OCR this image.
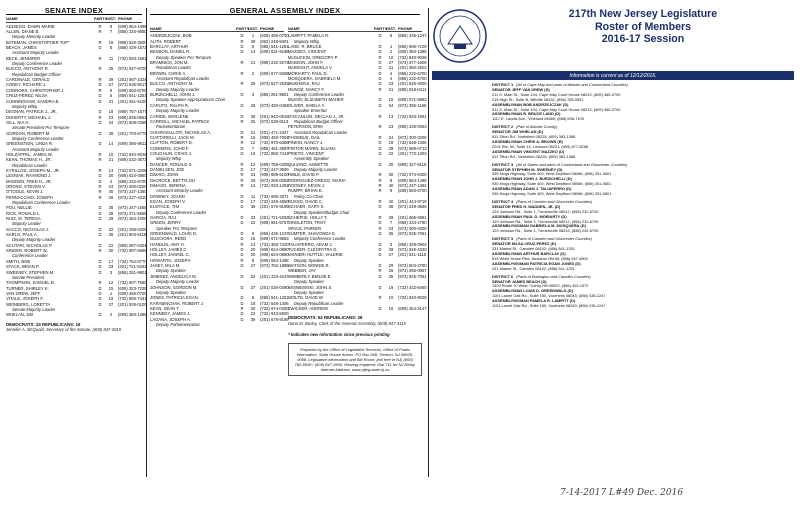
SENATE INDEX
NAME	PARTY
DIST. PHONE
ADDIEGO, DAWN MARIE	R	8	(609) 654-1498
ALLEN, DIANE B.	R	7	(856) 234-9550
Deputy Minority Leader
BATEMAN, CHRISTOPHER "KIP"	R	16	(908) 526-3600
BEACH, JAMES	D	6	(856) 429-1572
Assistant Majority Leader
BECK, JENNIFER	R	11	(732) 933-1591
Deputy Conference Leader
BUCCO, ANTHONY R.	R	25	(973) 627-9700
Republican Budget Officer
CARDINALE, GERALD	R	39	(201) 567-2324
CODEY, RICHARD J.	D	27	(973) 535-5017
CONNORS, CHRISTOPHER J.	R	9	(609) 693-6700
CRUZ-PEREZ, NILSA	D	5	(856) 541-1251
CUNNINGHAM, SANDRA B.	D	31	(201) 451-5100
Majority Whip
DEGNAN, PATRICK J., JR.	D	18	(908) 757-1677
DOHERTY, MICHAEL J.	R	23	(908) 835-0552
GILL, NIA H.	D	34	(973) 509-0388
Senate President Pro Tempore
GORDON, ROBERT M.	D	38	(201) 703-6779
Majority Conference Leader
GREENSTEIN, LINDA R.	D	14	(609) 395-9911
Assistant Majority Leader
HOLZAPFEL, JAMES W.	R	10	(732) 840-9028
KEAN, THOMAS H., JR.	R	21	(908) 232-3673
Republican Leader
KYRILLOS, JOSEPH M., JR.	R	13	(732) 671-3206
LESNIAK, RAYMOND J.	D	20	(908) 624-0880
MADDEN, FRED H., JR.	D	4	(856) 232-6700
ORONO, STEVEN V.	R	24	(973) 300-0200
O'TOOLE, KEVIN J.	R	40	(973) 237-1360
PENNACCHIO, JOSEPH	R	26	(973) 227-4310
Republican Conference Leader
POU, NELLIE	D	35	(973) 247-1555
RICE, RONALD L.	D	28	(973) 371-5665
RUIZ, M. TERESA	D	29	(973) 484-1000
Majority Leader
SACCO, NICHOLAS J.	D	32	(201) 295-0200
SARLO, PAUL A.	D	36	(201) 804-8118
Deputy Majority Leader
SCUTARI, NICHOLAS P.	D	22	(908) 587-0404
SINGER, ROBERT W.	R	30	(732) 987-5669
Conference Leader
SMITH, BOB	D	17	(732) 752-0770
STACK, BRIAN P.	D	33	(201) 721-5263
SWEENEY, STEPHEN M.	D	3	(856) 251-9801
Senate President
THOMPSON, SAMUEL D.	R	12	(732) 607-7580
TURNER, SHIRLEY K.	D	15	(609) 323-7239
VAN DREW, JEFF	D	1	(609) 465-0700
VITALE, JOSEPH F.	D	19	(732) 855-7441
WEINBERG, LORETTA	D	37	(201) 928-0100
Senate Majority Leader
WHELAN, JIM	D	2	(609) 383-1388
DEMOCRATS: 24 REPUBLICANS: 16
Jennifer A. McQuaid, Secretary of the Senate, (609) 847-3015
GENERAL ASSEMBLY INDEX
NAME	PARTY
DIST. PHONE
ANDRZEJCZAK, BOB	D	1	(609) 465-0700
AUTH, ROBERT	R	39	(862) 248-9401
BARCLAY, ARTHUR	D	5	(856) 541-1251
BENSON, DANIEL R.	D	14	(609) 631-9198
Deputy Speaker Pro Tempore
BRAMNICK, JON M.	R	21	(908) 232-2073
Republican Leader
BROWN, CHRIS A.	R	2	(609) 677-8266
Assistant Republican Leader
BUCCO, ANTHONY M.	R	25	(973) 627-2525
Deputy Majority Leader
BURZICHELLI, JOHN J.	D	3	(856) 251-9801
Deputy Speaker Appropriations Chair
CAPUTO, RALPH R.	D	28	(973) 450-0484
Deputy Majority Leader
CARIDE, MARLENE	D	36	(201) 943-0615
CARROLL, MICHAEL PATRICK	R	25	(973) 539-8113
Parliamentarian
CHIARAVALLOTI, NICHOLAS A.	D	31	(201) 471-2347
CIATTARELLI, JACK M.	R	16	(908) 450-7064
CLIFTON, ROBERT D.	R	12	(732) 970-6366
CONNERS, JOHN F.	D	7	(856) 461-3997
COUGHLIN, CRAIG J.	D	19	(732) 855-7441
Majority Whip
DANCER, RONALD S.	R	12	(609) 758-0205
DANIELSEN, JOE	D	17	(732) 247-3600
DiMAIO, JOHN	R	23	(908) 689-5100
DeCROCE, BETTYLOU	R	26	(973) 265-0052
DiMASO, SERENA	R	13	(732) 933-1291
Assistant Minority Leader
DOWNEY, JOANN	D	11	(732) 695-3371
EGAN, JOSEPH V.	D	17	(732) 249-4550
EUSTACE, TIM	D	38	(201) 576-9199
Deputy Conference Leader
GARCIA, RAJ	D	33	(201) 721-5263
GREEN, JERRY	D	22	(908) 561-5757
Speaker Pro Tempore
GREENWALD, LOUIS D.	D	6	(856) 435-1247
GUSCIORA, REED	D	15	(609) 571-9683
HANDLIN, AMY H.	R	13	(732) 383-7420
HOLLEY, JAMES C.	D	20	(908) 624-0880
HOLLEY, JAMAEL C.	D	20	(908) 624-0880
HOWARTH, JOSEPH	R	8	(609) 654-1498
JASEY, MILA M.	D	27	(973) 762-1886
Deputy Speaker
JIMENEZ, ANGELICA M.	D	32	(201) 223-4247
Deputy Majority Leader
JOHNSON, GORDON M.	D	37	(201) 530-0490
Deputy Speaker
JONES, PATRICIA EGAN	D	5	(856) 541-1251
KARABINCHAK, ROBERT J.	D	18	(732) 548-1406
KEAN, SEAN T.	R	30	(732) 974-0400
KENNEDY, JAMES J.	D	22	(732) 943-5900
LAGANA, JOSEPH A.	D	38	(201) 576-9199
Deputy Parliamentarian
NAME	PARTY
DIST. PHONE
LAMPITT, PAMELA R.	D	6	(856) 435-1247
Majority Whip
LAND, R. BRUCE	D	1	(856) 696-7109
MAZZEO, VINCENT	D	2	(609) 383-1388
McGUCKIN, GREGORY P.	R	10	(732) 840-9028
McKEON, JOHN F.	D	27	(973) 377-1606
McKNIGHT, ANGELA V.	D	31	(201) 360-2502
MORIARTY, PAUL D.	D	4	(856) 232-6700
MOSQUERA, GABRIELA M.	D	4	(856) 232-6700
MUKHERJI, RAJ	D	33	(201) 626-4000
MUNOZ, NANCY F.	R	21	(908) 918-0414
Deputy Conference Leader
MUOIO, ELIZABETH MAHER	D	15	(609) 571-9683
OLIVER, SHEILA Y.	D	34	(973) 395-1166
Speaker Emeritus
O'SCANLON, DECLAN J., JR.	R	13	(732) 933-1591
Republican Budget Officer
PETERSON, ERIK	R	23	(908) 236-0053
Assistant Republican Leader
PHOEBUS, GAIL	R	24	(973) 300-0200
PINKIN, NANCY J.	D	18	(732) 548-1406
PINTOR MARIN, ELIANA	D	29	(973) 589-0713
PRIETO, VINCENT	D	32	(201) 770-1303
Assembly Speaker
QUIJANO, ANNETTE	D	20	(908) 327-9119
Deputy Majority Leader
RIBLE, DAVID P.	R	30	(732) 974-0400
RODRIGUEZ-GREGG, MARIA	R	8	(609) 654-1498
ROONEY, KEVIN J.	R	40	(973) 237-1362
RUMPF, BRIAN E.	R	9	(609) 693-6700
Policy Co-Chair
RUSSO, DAVID C.	R	40	(201) 444-9719
SCHAER, GARY S.	D	36	(973) 249-3665
Deputy Speaker/Budget Chair
SCHEPISI, HOLLY T.	R	39	(201) 666-0881
SINGLETON, TROY	D	7	(856) 234-2790
SPACE, PARKER	R	24	(973) 300-0200
SUMTER, SHAVONDA E.	D	35	(973) 925-7061
Majority Conference Leader
TALIAFERRO, ADAM J.	D	3	(856) 339-0903
TUCKER, CLEOPATRA G.	D	28	(973) 926-4320
VAINIERI HUTTLE, VALERIE	D	37	(201) 541-1118
Deputy Speaker
WATSON, BONNIE R.	D	29	(973) 504-3790
WEBBER, JAY	R	26	(973) 265-0057
WIMBERLY, BENJIE E.	D	35	(973) 925-7061
Deputy Speaker
WISNIEWSKI, JOHN S.	D	19	(732) 432-8460
Deputy Speaker
WOLFE, DAVID W.	R	10	(732) 840-9028
Deputy Republican Leader
ZWICKER, ANDREW	D	16	(609) 454-3147
DEMOCRATS: 52 REPUBLICANS: 28
Dana M. Burley, Clerk of the General Assembly, (609) 847-3115
* Indicates new information since previous printing
Prepared by the Office of Legislative Services, Office of Public Information, State House Annex, PO Box 068, Trenton, NJ 08625-0068. Legislative information and Bill Room: (toll free in NJ) (800) 792-8630 / (609) 847-3905. Hearing Impaired: Dial 711 for NJ Relay. Internet Address: www.njleg.state.nj.us
217th New Jersey Legislature
Roster of Members
2016-17 Session
Information is current as of 12/12/2016.
DISTRICT 1 (All of Cape May and parts of Atlantic and Cumberland Counties)
SENATOR JEFF VAN DREW (D)
211 S. Main St., Suite 104, Cape May Court House 08210; (609) 465-0700
218 High St., Suite B, Millville 08332; (856) 765-0591
ASSEMBLYMAN BOB ANDRZEJCZAK (D)
211 S. Main St., Suite 104, Cape May Court House 08210; (609) 465-0700
ASSEMBLYMAN R. BRUCE LAND (D)
1117 E. Landis Ave., Vineland 08360; (856) 696-7109
DISTRICT 2 (Part of Atlantic County)
SENATOR JIM WHELAN (D)
511 Tilton Rd., Northfield 08225; (609) 383-1388
ASSEMBLYMAN CHRIS A. BROWN (R)
2201 Rte. 50, Suite 14, Linwood 08221; (609) 677-8266
ASSEMBLYMAN VINCENT MAZZEO (D)
511 Tilton Rd., Northfield 08225; (609) 383-1388
DISTRICT 3 (All of Salem and parts of Cumberland and Gloucester Counties)
SENATOR STEPHEN M. SWEENEY (D)
935 Kings Highway, Suite 400, West Deptford 08086; (856) 251-9801
ASSEMBLYMAN JOHN J. BURZICHELLI (D)
935 Kings Highway, Suite 400, West Deptford 08086; (856) 251-9801
ASSEMBLYMAN ADAM J. TALIAFERRO (D)
935 Kings Highway, Suite 400, West Deptford 08086; (856) 251-9801
DISTRICT 4 (Parts of Camden and Gloucester Counties)
SENATOR FRED H. MADDEN, JR. (D)
129 Johnson Rd., Suite 1, Turnersville 08012; (856) 232-6700
ASSEMBLYMAN PAUL D. MORIARTY (D)
129 Johnson Rd., Suite 1, Turnersville 08012; (856) 232-6700
ASSEMBLYWOMAN GABRIELA M. MOSQUERA (D)
129 Johnson Rd., Suite 1, Turnersville 08012; (856) 232-6700
DISTRICT 5 (Parts of Camden and Gloucester Counties)
SENATOR NILSA CRUZ-PEREZ (D)
231 Market St., Camden 08102; (856) 541-1251
ASSEMBLYMAN ARTHUR BARCLAY (D)
515 White Horse Pike, Audubon 08106; (856) 547-4800
ASSEMBLYWOMAN PATRICIA EGAN JONES (D)
231 Market St., Camden 08102; (856) 541-1251
DISTRICT 6 (Parts of Burlington and Camden Counties)
SENATOR JAMES BEACH (D)
1309 Route 70 West, Cherry Hill 08002; (856) 429-1572
ASSEMBLYMAN LOUIS D. GREENWALD (D)
1101 Laurel Oak Rd., Suite 150, Voorhees 08043; (856) 435-1247
ASSEMBLYWOMAN PAMELA R. LAMPITT (D)
1101 Laurel Oak Rd., Suite 150, Voorhees 08043; (856) 435-1247
7-14-2017 L#49 Dec. 2016
